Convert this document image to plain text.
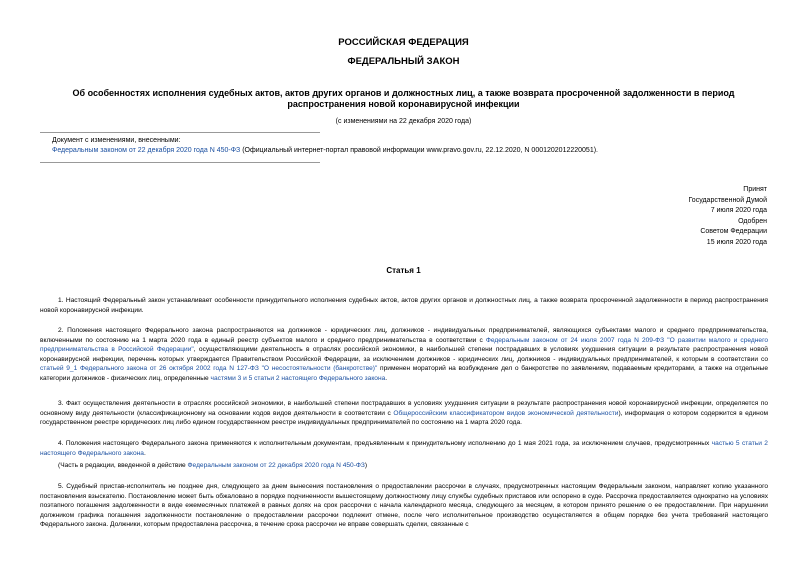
РОССИЙСКАЯ ФЕДЕРАЦИЯ
ФЕДЕРАЛЬНЫЙ ЗАКОН
Об особенностях исполнения судебных актов, актов других органов и должностных лиц, а также возврата просроченной задолженности в период распространения новой коронавирусной инфекции
(с изменениями на 22 декабря 2020 года)
Документ с изменениями, внесенными:
Федеральным законом от 22 декабря 2020 года N 450-ФЗ (Официальный интернет-портал правовой информации www.pravo.gov.ru, 22.12.2020, N 0001202012220051).
Принят
Государственной Думой
7 июля 2020 года
Одобрен
Советом Федерации
15 июля 2020 года
Статья 1
1. Настоящий Федеральный закон устанавливает особенности принудительного исполнения судебных актов, актов других органов и должностных лиц, а также возврата просроченной задолженности в период распространения новой коронавирусной инфекции.
2. Положения настоящего Федерального закона распространяются на должников - юридических лиц, должников - индивидуальных предпринимателей, являющихся субъектами малого и среднего предпринимательства, включенными по состоянию на 1 марта 2020 года в единый реестр субъектов малого и среднего предпринимательства в соответствии с Федеральным законом от 24 июля 2007 года N 209-ФЗ "О развитии малого и среднего предпринимательства в Российской Федерации", осуществляющими деятельность в отраслях российской экономики, в наибольшей степени пострадавших в условиях ухудшения ситуации в результате распространения новой коронавирусной инфекции, перечень которых утверждается Правительством Российской Федерации, за исключением должников - юридических лиц, должников - индивидуальных предпринимателей, к которым в соответствии со статьей 9_1 Федерального закона от 26 октября 2002 года N 127-ФЗ "О несостоятельности (банкротстве)" применен мораторий на возбуждение дел о банкротстве по заявлениям, подаваемым кредиторами, а также на отдельные категории должников - физических лиц, определенные частями 3 и 5 статьи 2 настоящего Федерального закона.
3. Факт осуществления деятельности в отраслях российской экономики, в наибольшей степени пострадавших в условиях ухудшения ситуации в результате распространения новой коронавирусной инфекции, определяется по основному виду деятельности (классификационному на основании кодов видов деятельности в соответствии с Общероссийским классификатором видов экономической деятельности), информация о котором содержится в едином государственном реестре юридических лиц либо едином государственном реестре индивидуальных предпринимателей по состоянию на 1 марта 2020 года.
4. Положения настоящего Федерального закона применяются к исполнительным документам, предъявленным к принудительному исполнению до 1 мая 2021 года, за исключением случаев, предусмотренных частью 5 статьи 2 настоящего Федерального закона.
(Часть в редакции, введенной в действие Федеральным законом от 22 декабря 2020 года N 450-ФЗ)
5. Судебный пристав-исполнитель не позднее дня, следующего за днем вынесения постановления о предоставлении рассрочки в случаях, предусмотренных настоящим Федеральным законом, направляет копию указанного постановления взыскателю. Постановление может быть обжаловано в порядке подчиненности вышестоящему должностному лицу службы судебных приставов или оспорено в суде. Рассрочка предоставляется однократно на условиях поэтапного погашения задолженности в виде ежемесячных платежей в равных долях на срок рассрочки с начала календарного месяца, следующего за месяцем, в котором принято решение о ее предоставлении. При нарушении должником графика погашения задолженности постановление о предоставлении рассрочки подлежит отмене, после чего исполнительное производство осуществляется в общем порядке без учета требований настоящего Федерального закона. Должники, которым предоставлена рассрочка, в течение срока рассрочки не вправе совершать сделки, связанные с
